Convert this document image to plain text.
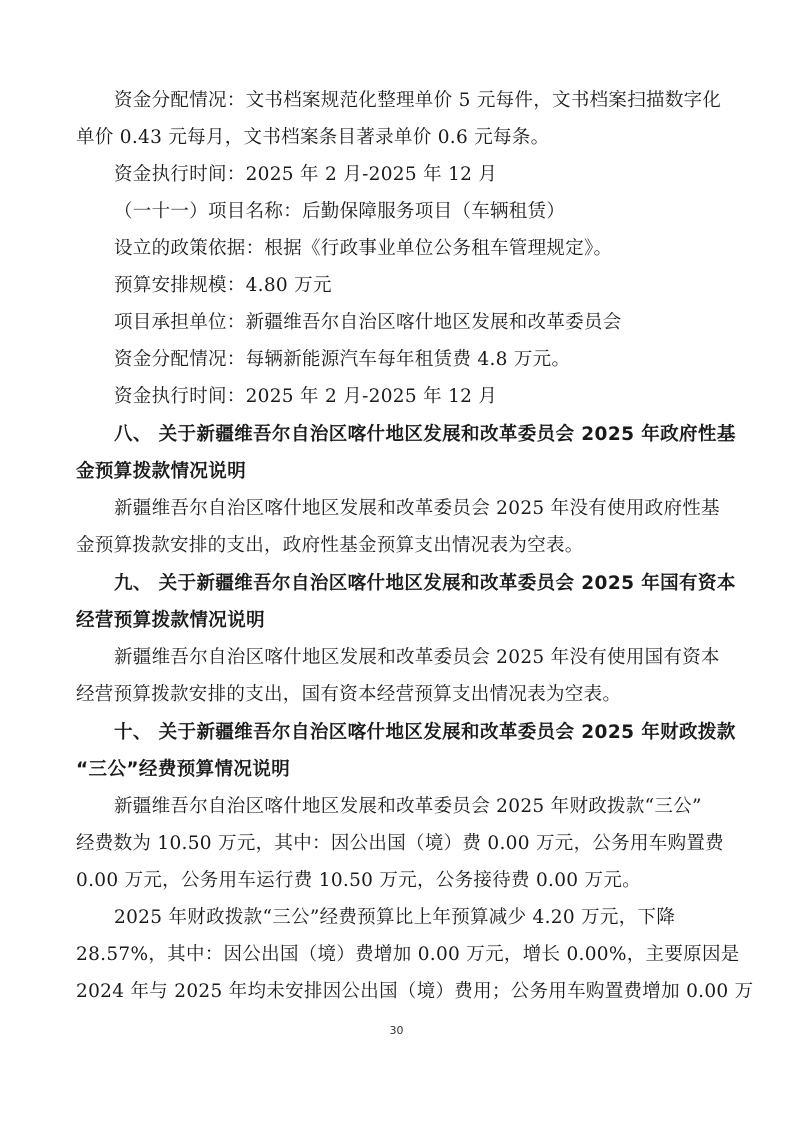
资金分配情况：文书档案规范化整理单价 5 元每件，文书档案扫描数字化
单价 0.43 元每月，文书档案条目著录单价 0.6 元每条。
资金执行时间：2025 年 2 月-2025 年 12 月
（一十一）项目名称：后勤保障服务项目（车辆租赁）
设立的政策依据：根据《行政事业单位公务租车管理规定》。
预算安排规模：4.80 万元
项目承担单位：新疆维吾尔自治区喀什地区发展和改革委员会
资金分配情况：每辆新能源汽车每年租赁费 4.8 万元。
资金执行时间：2025 年 2 月-2025 年 12 月
八、 关于新疆维吾尔自治区喀什地区发展和改革委员会 2025 年政府性基
金预算拨款情况说明
新疆维吾尔自治区喀什地区发展和改革委员会 2025 年没有使用政府性基
金预算拨款安排的支出，政府性基金预算支出情况表为空表。
九、 关于新疆维吾尔自治区喀什地区发展和改革委员会 2025 年国有资本
经营预算拨款情况说明
新疆维吾尔自治区喀什地区发展和改革委员会 2025 年没有使用国有资本
经营预算拨款安排的支出，国有资本经营预算支出情况表为空表。
十、 关于新疆维吾尔自治区喀什地区发展和改革委员会 2025 年财政拨款
“三公”经费预算情况说明
新疆维吾尔自治区喀什地区发展和改革委员会 2025 年财政拨款“三公”
经费数为 10.50 万元，其中：因公出国（境）费 0.00 万元，公务用车购置费
0.00 万元，公务用车运行费 10.50 万元，公务接待费 0.00 万元。
2025 年财政拨款“三公”经费预算比上年预算减少 4.20 万元，下降
28.57%，其中：因公出国（境）费增加 0.00 万元，增长 0.00%，主要原因是
2024 年与 2025 年均未安排因公出国（境）费用；公务用车购置费增加 0.00 万
30
